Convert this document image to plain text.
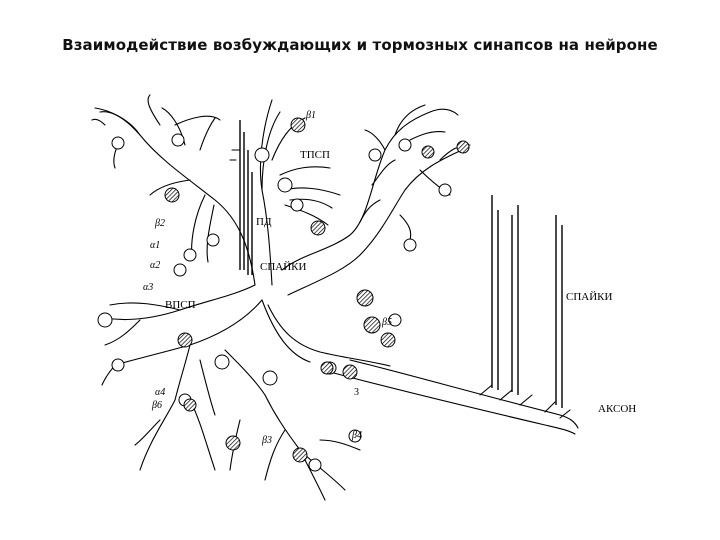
Взаимодействие возбуждающих и тормозных синапсов на нейроне
ТПСП
ПД
СПАЙКИ
ВПСП
СПАЙКИ
АКСОН
β1
β2
α1
α2
α3
α4
β3	β4
β5
β6
3
